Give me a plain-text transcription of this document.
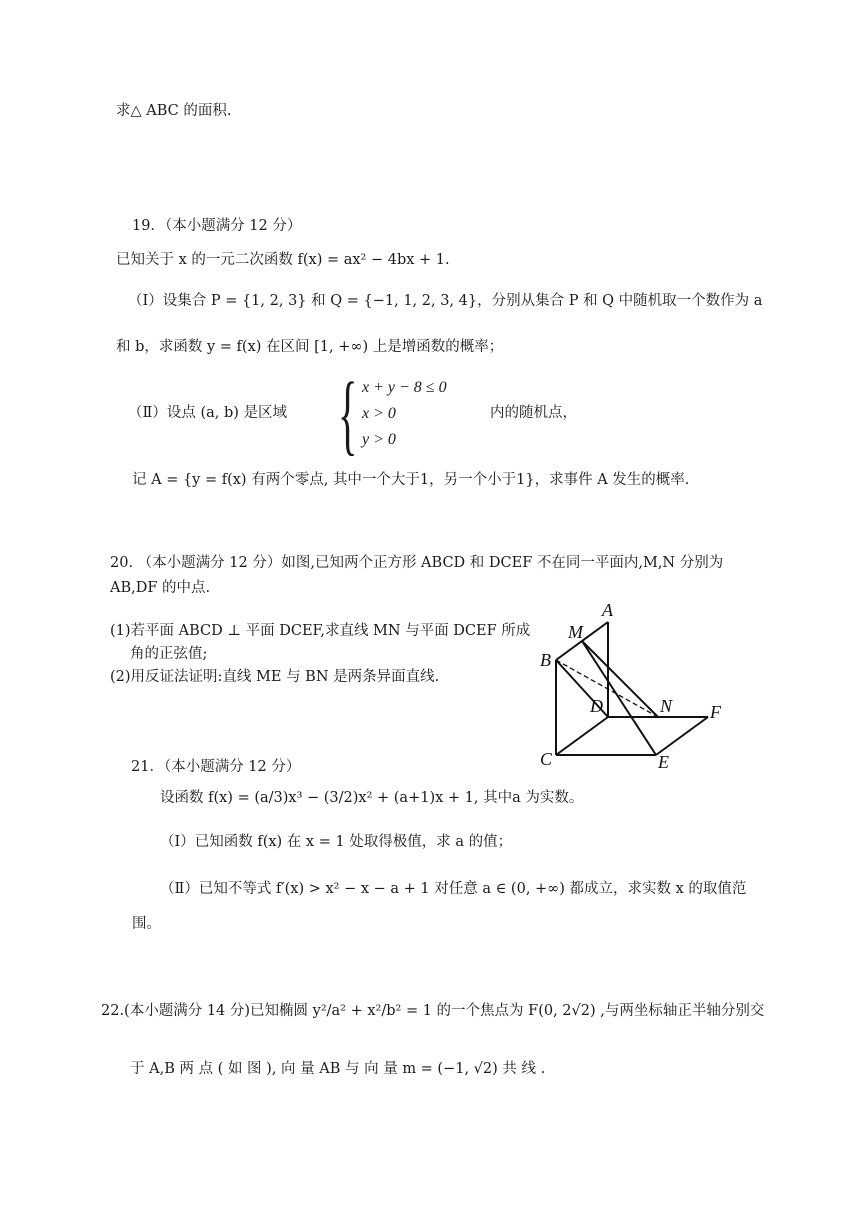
求△ ABC 的面积.
19．（本小题满分 12 分）
已知关于 x 的一元二次函数 f(x) = ax² − 4bx + 1.
（Ⅰ）设集合 P = {1, 2, 3} 和 Q = {−1, 1, 2, 3, 4}，分别从集合 P 和 Q 中随机取一个数作为 a
和 b，求函数 y = f(x) 在区间 [1, +∞) 上是增函数的概率；
（Ⅱ）设点 (a, b) 是区域 { x + y − 8 ≤ 0
x > 0
y > 0
内的随机点，
记 A = {y = f(x) 有两个零点, 其中一个大于1，另一个小于1}，求事件 A 发生的概率.
20. （本小题满分 12 分）如图,已知两个正方形 ABCD 和 DCEF 不在同一平面内,M,N 分别为
AB,DF 的中点.
(1)若平面 ABCD ⊥ 平面 DCEF,求直线 MN 与平面 DCEF 所成
角的正弦值;
(2)用反证法证明:直线 ME 与 BN 是两条异面直线.
A
M
B
D	N F
C	E
21．（本小题满分 12 分）
设函数 f(x) = (a/3)x³ − (3/2)x² + (a+1)x + 1, 其中a 为实数。
（Ⅰ）已知函数 f(x) 在 x = 1 处取得极值，求 a 的值；
（Ⅱ）已知不等式 f′(x) > x² − x − a + 1 对任意 a ∈ (0, +∞) 都成立，求实数 x 的取值范
围。
22.(本小题满分 14 分)已知椭圆 y²/a² + x²/b² = 1 的一个焦点为 F(0, 2√2) ,与两坐标轴正半轴分别交
于 A,B 两 点 ( 如 图 ), 向 量 AB 与 向 量 m = (−1, √2) 共 线 .
